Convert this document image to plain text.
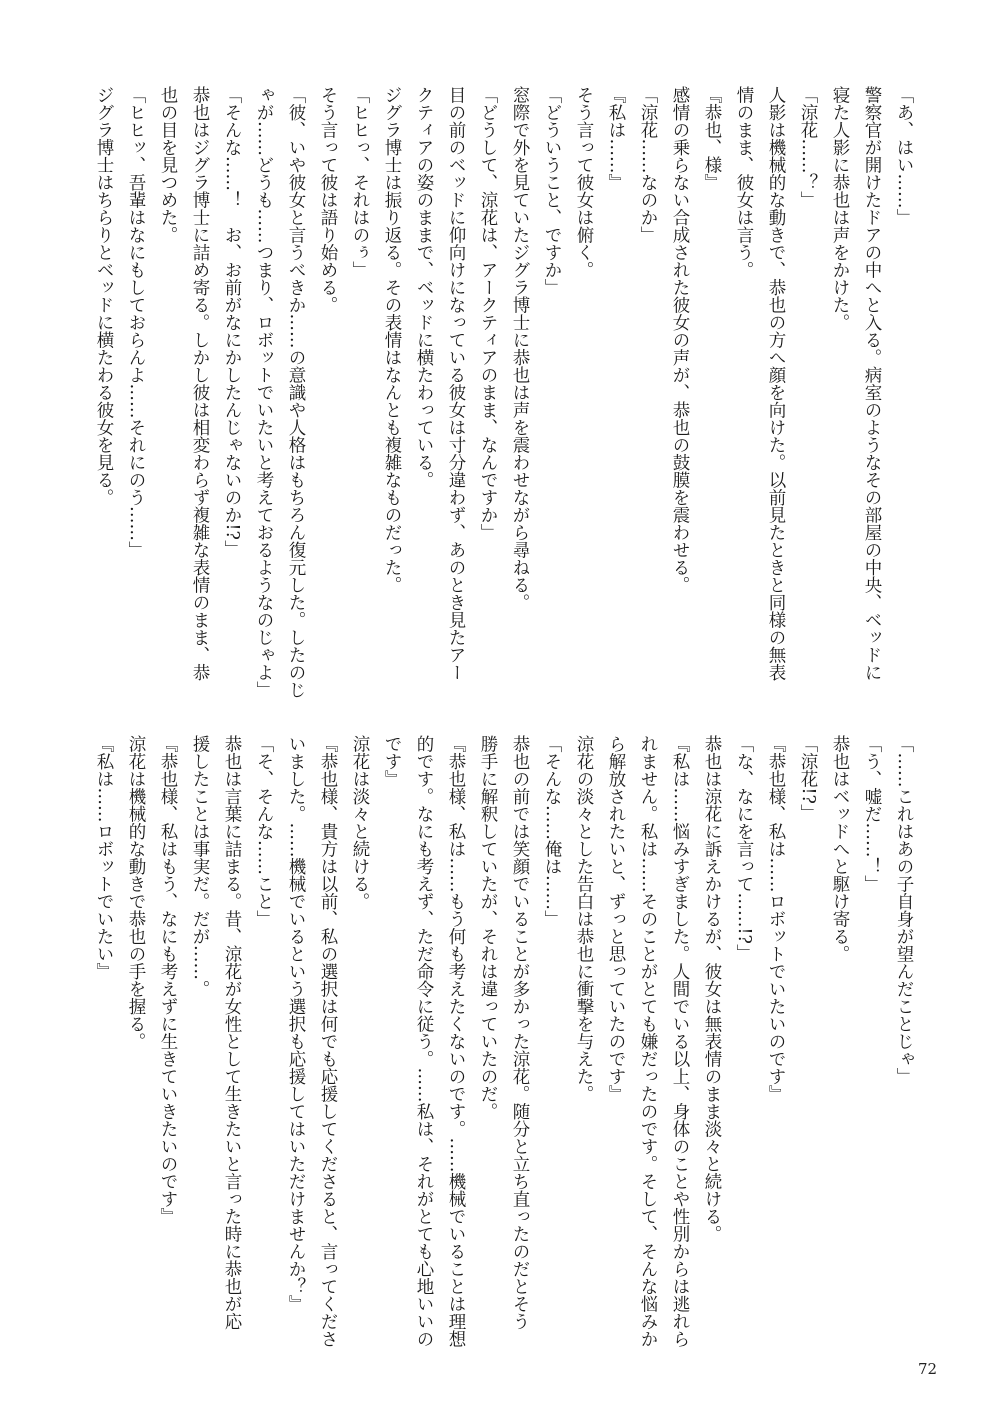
「あ、はい……」
警察官が開けたドアの中へと入る。病室のようなその部屋の中央、ベッドに
寝た人影に恭也は声をかけた。
「涼花……？」
人影は機械的な動きで、恭也の方へ顔を向けた。以前見たときと同様の無表
情のまま、彼女は言う。
『恭也、様』
感情の乗らない合成された彼女の声が、恭也の鼓膜を震わせる。
「涼花……なのか」
『私は……』
そう言って彼女は俯く。
「どういうこと、ですか」
窓際で外を見ていたジグラ博士に恭也は声を震わせながら尋ねる。
「どうして、涼花は、アークティアのまま、なんですか」
目の前のベッドに仰向けになっている彼女は寸分違わず、あのとき見たアー
クティアの姿のままで、ベッドに横たわっている。
ジグラ博士は振り返る。その表情はなんとも複雑なものだった。
「ヒヒっ、それはのぅ」
そう言って彼は語り始める。
「彼、いや彼女と言うべきか……の意識や人格はもちろん復元した。したのじ
ゃが……どうも……つまり、ロボットでいたいと考えておるようなのじゃよ」
「そんな……！　お、お前がなにかしたんじゃないのか!?」
恭也はジグラ博士に詰め寄る。しかし彼は相変わらず複雑な表情のまま、恭
也の目を見つめた。
「ヒヒッ、吾輩はなにもしておらんよ……それにのう……」
ジグラ博士はちらりとベッドに横たわる彼女を見る。
「……これはあの子自身が望んだことじゃ」
「う、嘘だ……！」
恭也はベッドへと駆け寄る。
「涼花!?」
『恭也様、私は……ロボットでいたいのです』
「な、なにを言って……!?」
恭也は涼花に訴えかけるが、彼女は無表情のまま淡々と続ける。
『私は……悩みすぎました。人間でいる以上、身体のことや性別からは逃れら
れません。私は……そのことがとても嫌だったのです。そして、そんな悩みか
ら解放されたいと、ずっと思っていたのです』
涼花の淡々とした告白は恭也に衝撃を与えた。
「そんな……俺は……」
恭也の前では笑顔でいることが多かった涼花。随分と立ち直ったのだとそう
勝手に解釈していたが、それは違っていたのだ。
『恭也様、私は……もう何も考えたくないのです。……機械でいることは理想
的です。なにも考えず、ただ命令に従う。……私は、それがとても心地いいの
です』
涼花は淡々と続ける。
『恭也様、貴方は以前、私の選択は何でも応援してくださると、言ってくださ
いました。……機械でいるという選択も応援してはいただけませんか？』
「そ、そんな……こと」
恭也は言葉に詰まる。昔、涼花が女性として生きたいと言った時に恭也が応
援したことは事実だ。だが……。
『恭也様、私はもう、なにも考えずに生きていきたいのです』
涼花は機械的な動きで恭也の手を握る。
『私は……ロボットでいたい』
72
